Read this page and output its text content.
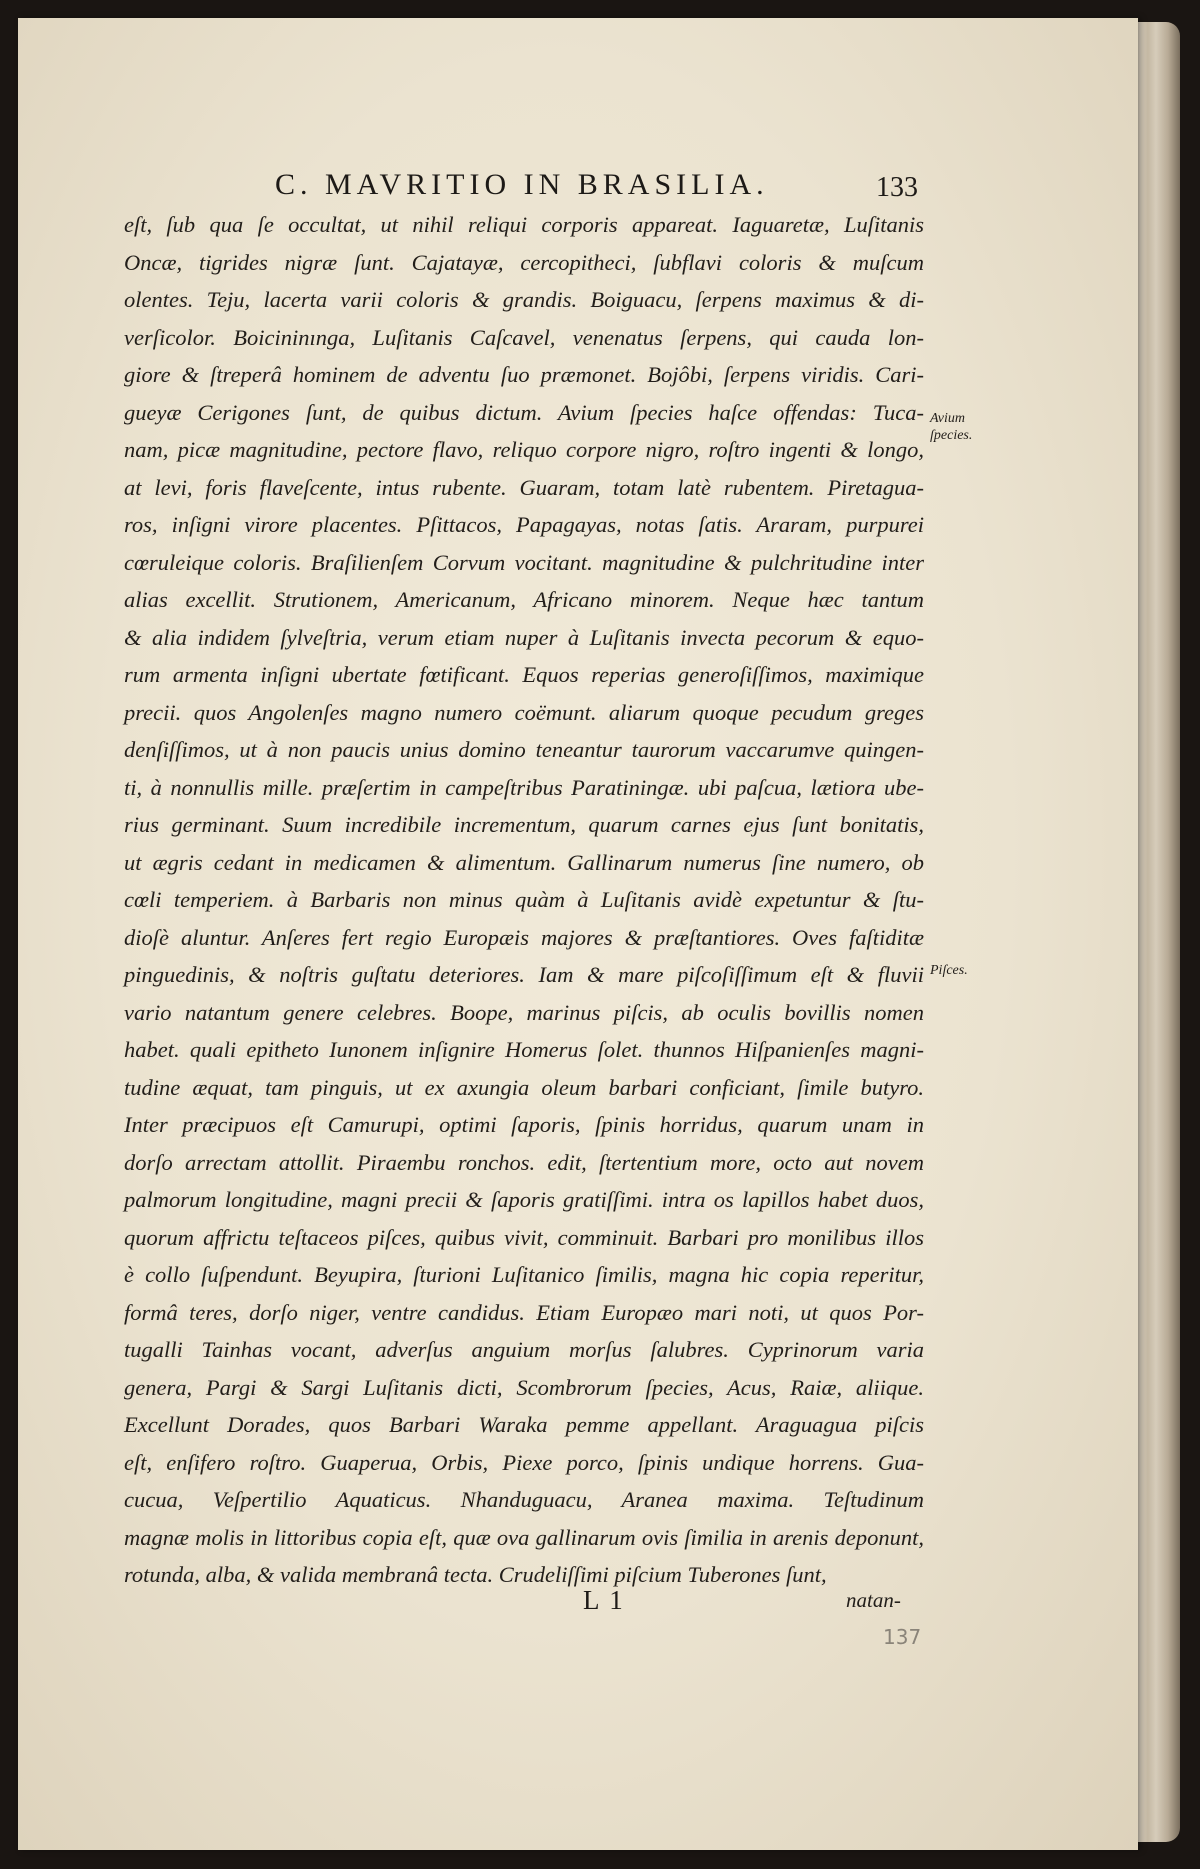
C. MAVRITIO IN BRASILIA.	133
eſt, ſub qua ſe occultat, ut nihil reliqui corporis appareat. Iaguaretæ, Luſitanis
Oncæ, tigrides nigræ ſunt. Cajatayæ, cercopitheci, ſubflavi coloris & muſcum
olentes. Teju, lacerta varii coloris & grandis. Boiguacu, ſerpens maximus & di-
verſicolor. Boicininınga, Luſitanis Caſcavel, venenatus ſerpens, qui cauda lon-
giore & ſtreperâ hominem de adventu ſuo præmonet. Bojôbi, ſerpens viridis. Cari-
gueyæ Cerigones ſunt, de quibus dictum. Avium ſpecies haſce offendas: Tuca-
nam, picæ magnitudine, pectore flavo, reliquo corpore nigro, roſtro ingenti & longo,
at levi, foris flaveſcente, intus rubente. Guaram, totam latè rubentem. Piretagua-
ros, inſigni virore placentes. Pſittacos, Papagayas, notas ſatis. Araram, purpurei
cœruleique coloris. Braſilienſem Corvum vocitant. magnitudine & pulchritudine inter
alias excellit. Strutionem, Americanum, Africano minorem. Neque hæc tantum
& alia indidem ſylveſtria, verum etiam nuper à Luſitanis invecta pecorum & equo-
rum armenta inſigni ubertate fœtificant. Equos reperias generoſiſſimos, maximique
precii. quos Angolenſes magno numero coëmunt. aliarum quoque pecudum greges
denſiſſimos, ut à non paucis unius domino teneantur taurorum vaccarumve quingen-
ti, à nonnullis mille. præſertim in campeſtribus Paratiningæ. ubi paſcua, lætiora ube-
rius germinant. Suum incredibile incrementum, quarum carnes ejus ſunt bonitatis,
ut ægris cedant in medicamen & alimentum. Gallinarum numerus ſine numero, ob
cœli temperiem. à Barbaris non minus quàm à Luſitanis avidè expetuntur & ſtu-
dioſè aluntur. Anſeres fert regio Europæis majores & præſtantiores. Oves faſtiditæ
pinguedinis, & noſtris guſtatu deteriores. Iam & mare piſcoſiſſimum eſt & fluvii
vario natantum genere celebres. Boope, marinus piſcis, ab oculis bovillis nomen
habet. quali epitheto Iunonem inſignire Homerus ſolet. thunnos Hiſpanienſes magni-
tudine æquat, tam pinguis, ut ex axungia oleum barbari conficiant, ſimile butyro.
Inter præcipuos eſt Camurupi, optimi ſaporis, ſpinis horridus, quarum unam in
dorſo arrectam attollit. Piraembu ronchos. edit, ſtertentium more, octo aut novem
palmorum longitudine, magni precii & ſaporis gratiſſimi. intra os lapillos habet duos,
quorum affrictu teſtaceos piſces, quibus vivit, comminuit. Barbari pro monilibus illos
è collo ſuſpendunt. Beyupira, ſturioni Luſitanico ſimilis, magna hic copia reperitur,
formâ teres, dorſo niger, ventre candidus. Etiam Europæo mari noti, ut quos Por-
tugalli Tainhas vocant, adverſus anguium morſus ſalubres. Cyprinorum varia
genera, Pargi & Sargi Luſitanis dicti, Scombrorum ſpecies, Acus, Raiæ, aliique.
Excellunt Dorades, quos Barbari Waraka pemme appellant. Araguagua piſcis
eſt, enſifero roſtro. Guaperua, Orbis, Piexe porco, ſpinis undique horrens. Gua-
cucua, Veſpertilio Aquaticus. Nhanduguacu, Aranea maxima. Teſtudinum
magnæ molis in littoribus copia eſt, quæ ova gallinarum ovis ſimilia in arenis deponunt,
rotunda, alba, & valida membranâ tecta. Crudeliſſimi piſcium Tuberones ſunt,
Avium
ſpecies.
Piſces.
L 1	natan-
137
